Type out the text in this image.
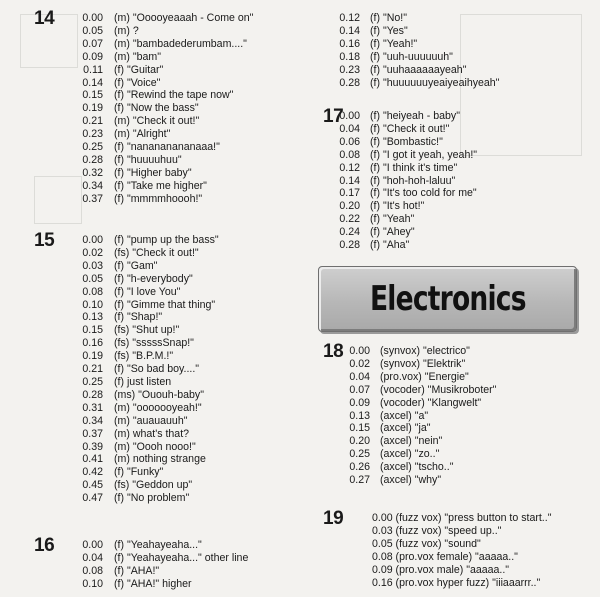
14	0.00 (m) "Ooooyeaaah - Come on"
0.05 (m) ?
0.07 (m) "bambadederumbam...."
0.09 (m) "bam"
0.11 (f) "Guitar"
0.14 (f) "Voice"
0.15 (f) "Rewind the tape now"
0.19 (f) "Now the bass"
0.21 (m) "Check it out!"
0.23 (m) "Alright"
0.25 (f) "nanananananaaa!"
0.28 (f) "huuuuhuu"
0.32 (f) "Higher baby"
0.34 (f) "Take me higher"
0.37 (f) "mmmmhoooh!"
15	0.00 (f) "pump up the bass"
0.02 (fs) "Check it out!"
0.03 (f) "Gam"
0.05 (f) "h-everybody"
0.08 (f) "I love You"
0.10 (f) "Gimme that thing"
0.13 (f) "Shap!"
0.15 (fs) "Shut up!"
0.16 (fs) "sssssSnap!"
0.19 (fs) "B.P.M.!"
0.21 (f) "So bad boy...."
0.25 (f) just listen
0.28 (ms) "Ououh-baby"
0.31 (m) "ooooooyeah!"
0.34 (m) "auauauuh"
0.37 (m) what's that?
0.39 (m) "Oooh nooo!"
0.41 (m) nothing strange
0.42 (f) "Funky"
0.45 (fs) "Geddon up"
0.47 (f) "No problem"
16	0.00 (f) "Yeahayeaha..."
0.04 (f) "Yeahayeaha..." other line
0.08 (f) "AHA!"
0.10 (f) "AHA!" higher
0.12 (f) "No!"
0.14 (f) "Yes"
0.16 (f) "Yeah!"
0.18 (f) "uuh-uuuuuuh"
0.23 (f) "uuhaaaaaayeah"
0.28 (f) "huuuuuuyeaiyeaihyeah"
17
0.00 (f) "heiyeah - baby"
0.04 (f) "Check it out!"
0.06 (f) "Bombastic!"
0.08 (f) "I got it yeah, yeah!"
0.12 (f) "I think it's time"
0.14 (f) "hoh-hoh-laluu"
0.17 (f) "It's too cold for me"
0.20 (f) "It's hot!"
0.22 (f) "Yeah"
0.24 (f) "Ahey"
0.28 (f) "Aha"
Electronics
18 0.00 (synvox) "electrico"
0.02 (synvox) "Elektrik"
0.04 (pro.vox) "Energie"
0.07 (vocoder) "Musikroboter"
0.09 (vocoder) "Klangwelt"
0.13 (axcel) "a"
0.15 (axcel) "ja"
0.20 (axcel) "nein"
0.25 (axcel) "zo.."
0.26 (axcel) "tscho.."
0.27 (axcel) "why"
19	0.00 (fuzz vox) "press button to start.."
0.03 (fuzz vox) "speed up.."
0.05 (fuzz vox) "sound"
0.08 (pro.vox female) "aaaaa.."
0.09 (pro.vox male) "aaaaa.."
0.16 (pro.vox hyper fuzz) "iiiaaarrr.."
